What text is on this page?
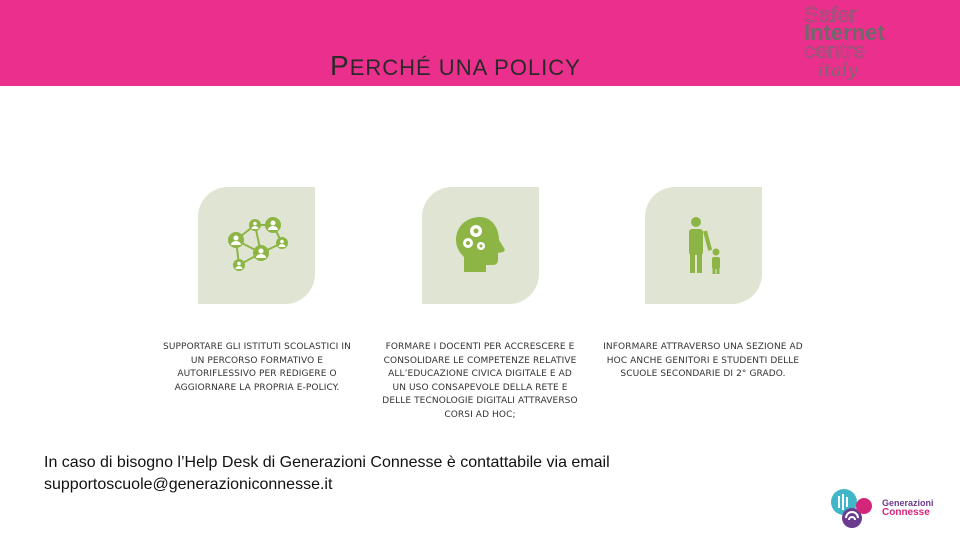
PERCHÉ UNA POLICY
Safer
Internet
centre
italy
SUPPORTARE GLI ISTITUTI SCOLASTICI IN UN PERCORSO FORMATIVO E AUTORIFLESSIVO PER REDIGERE O AGGIORNARE LA PROPRIA E-POLICY.
FORMARE I DOCENTI PER ACCRESCERE E CONSOLIDARE LE COMPETENZE RELATIVE ALL’EDUCAZIONE CIVICA DIGITALE E AD UN USO CONSAPEVOLE DELLA RETE E DELLE TECNOLOGIE DIGITALI ATTRAVERSO CORSI AD HOC;
INFORMARE ATTRAVERSO UNA SEZIONE AD HOC ANCHE GENITORI E STUDENTI DELLE SCUOLE SECONDARIE DI 2° GRADO.
In caso di bisogno l’Help Desk di Generazioni Connesse è contattabile via email
supportoscuole@generazioniconnesse.it
Generazioni
Connesse
